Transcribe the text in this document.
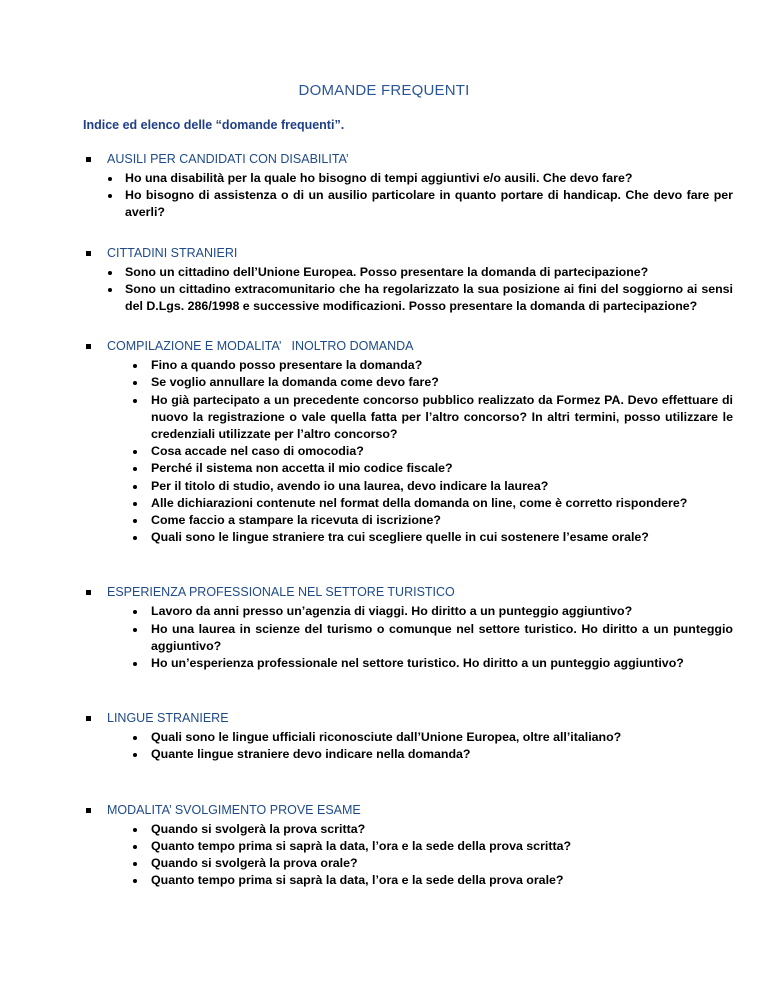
DOMANDE FREQUENTI
Indice ed elenco delle “domande frequenti”.
AUSILI PER CANDIDATI CON DISABILITA’
Ho una disabilità per la quale ho bisogno di tempi aggiuntivi e/o ausili. Che devo fare?
Ho bisogno di assistenza o di un ausilio particolare in quanto portare di handicap. Che devo fare per averli?
CITTADINI STRANIERI
Sono un cittadino dell’Unione Europea. Posso presentare la domanda di partecipazione?
Sono un cittadino extracomunitario che ha regolarizzato la sua posizione ai fini del soggiorno ai sensi del D.Lgs. 286/1998 e successive modificazioni. Posso presentare la domanda di partecipazione?
COMPILAZIONE E MODALITA’   INOLTRO DOMANDA
Fino a quando posso presentare la domanda?
Se voglio annullare la domanda come devo fare?
Ho già partecipato a un precedente concorso pubblico realizzato da Formez PA. Devo effettuare di nuovo la registrazione o vale quella fatta per l’altro concorso? In altri termini, posso utilizzare le credenziali utilizzate per l’altro concorso?
Cosa accade nel caso di omocodia?
Perché il sistema non accetta il mio codice fiscale?
Per il titolo di studio, avendo io una laurea, devo indicare la laurea?
Alle dichiarazioni contenute nel format della domanda on line, come è corretto rispondere?
Come faccio a stampare la ricevuta di iscrizione?
Quali sono le lingue straniere tra cui scegliere quelle in cui sostenere l’esame orale?
ESPERIENZA PROFESSIONALE NEL SETTORE TURISTICO
Lavoro da anni presso un’agenzia di viaggi. Ho diritto a un punteggio aggiuntivo?
Ho una laurea in scienze del turismo o comunque nel settore turistico. Ho diritto a un punteggio aggiuntivo?
Ho un’esperienza professionale nel settore turistico. Ho diritto a un punteggio aggiuntivo?
LINGUE STRANIERE
Quali sono le lingue ufficiali riconosciute dall’Unione Europea, oltre all’italiano?
Quante lingue straniere devo indicare nella domanda?
MODALITA’ SVOLGIMENTO PROVE ESAME
Quando si svolgerà la prova scritta?
Quanto tempo prima si saprà la data, l’ora e la sede della prova scritta?
Quando si svolgerà la prova orale?
Quanto tempo prima si saprà la data, l’ora e la sede della prova orale?
